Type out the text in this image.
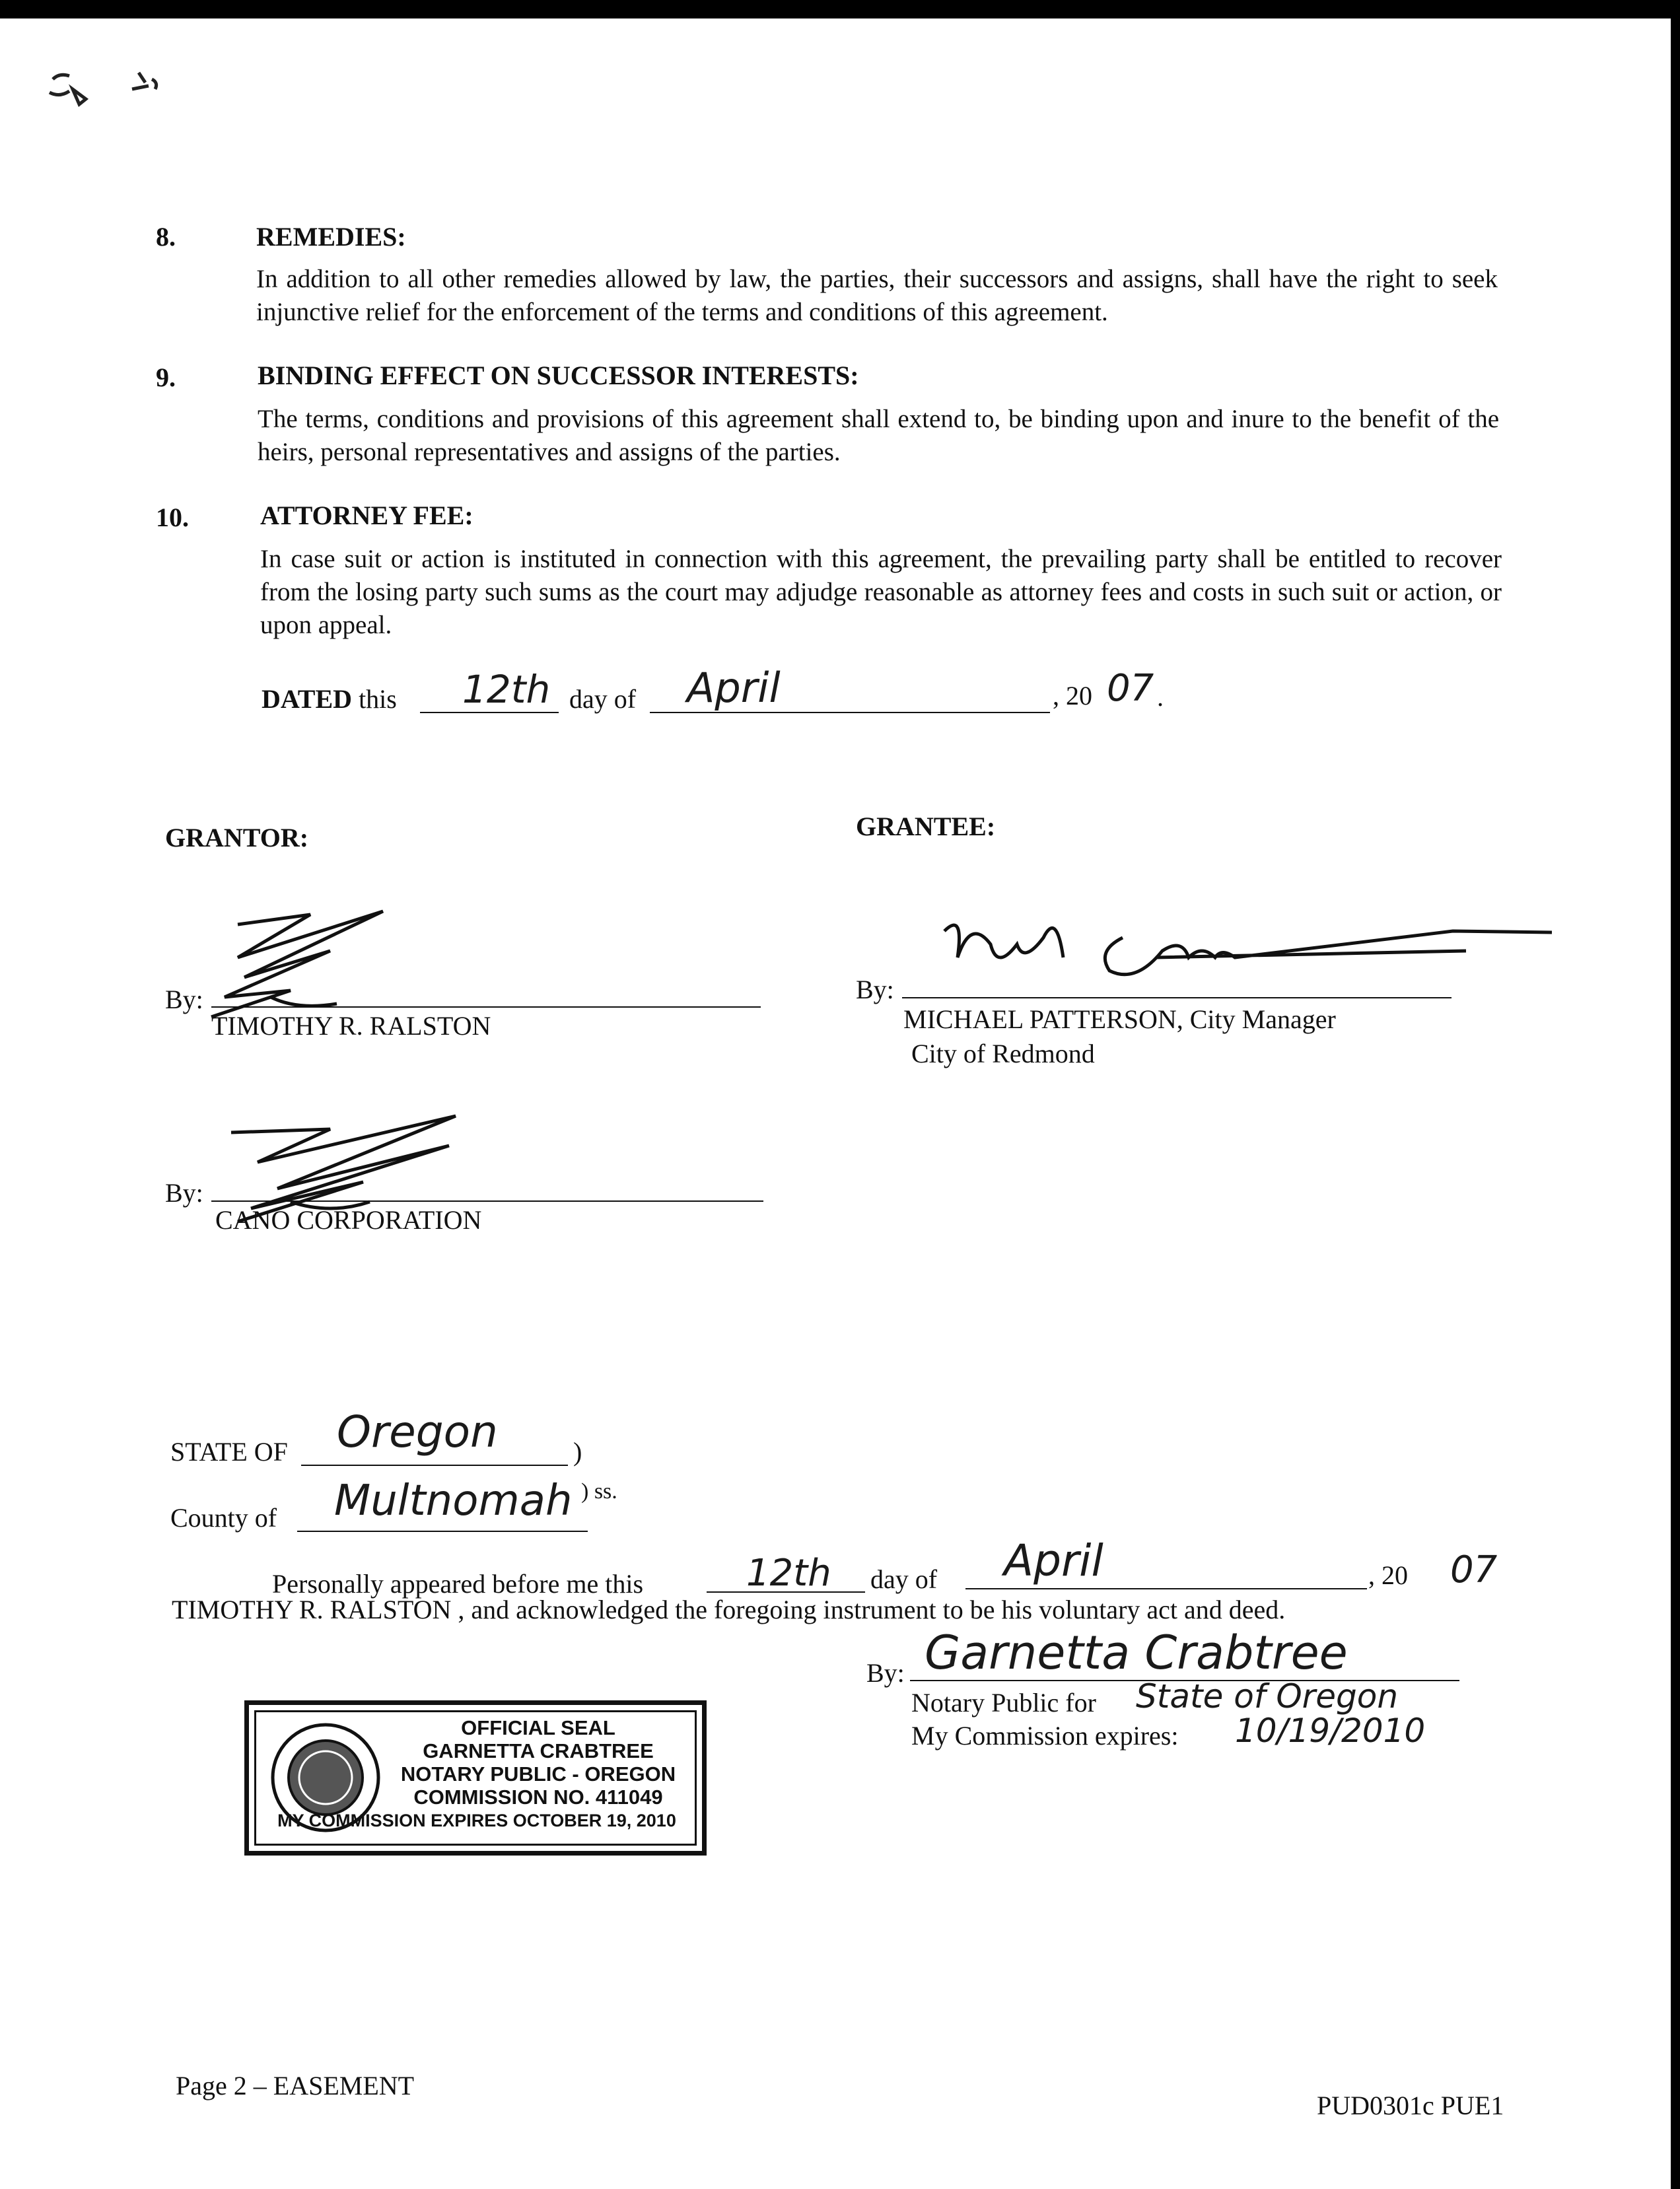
8.	REMEDIES:
In addition to all other remedies allowed by law, the parties, their successors and assigns, shall have the right to seek injunctive relief for the enforcement of the terms and conditions of this agreement.
9.	BINDING EFFECT ON SUCCESSOR INTERESTS:
The terms, conditions and provisions of this agreement shall extend to, be binding upon and inure to the benefit of the heirs, personal representatives and assigns of the parties.
10.	ATTORNEY FEE:
In case suit or action is instituted in connection with this agreement, the prevailing party shall be entitled to recover from the losing party such sums as the court may adjudge reasonable as attorney fees and costs in such suit or action, or upon appeal.
DATED this 12th day of April	, 20 07 .
GRANTOR:	GRANTEE:
By:
TIMOTHY R. RALSTON
By:
MICHAEL PATTERSON, City Manager
City of Redmond
By:
CANO CORPORATION
STATE OF Oregon	)
County of Multnomah ) ss.
Personally appeared before me this	12th day of April	, 20 07
TIMOTHY R. RALSTON , and acknowledged the foregoing instrument to be his voluntary act and deed.
By: Garnetta Crabtree
Notary Public for State of Oregon
My Commission expires: 10/19/2010
OFFICIAL SEAL
GARNETTA CRABTREE
NOTARY PUBLIC - OREGON
COMMISSION NO. 411049
MY COMMISSION EXPIRES OCTOBER 19, 2010
Page 2 – EASEMENT
PUD0301c PUE1
